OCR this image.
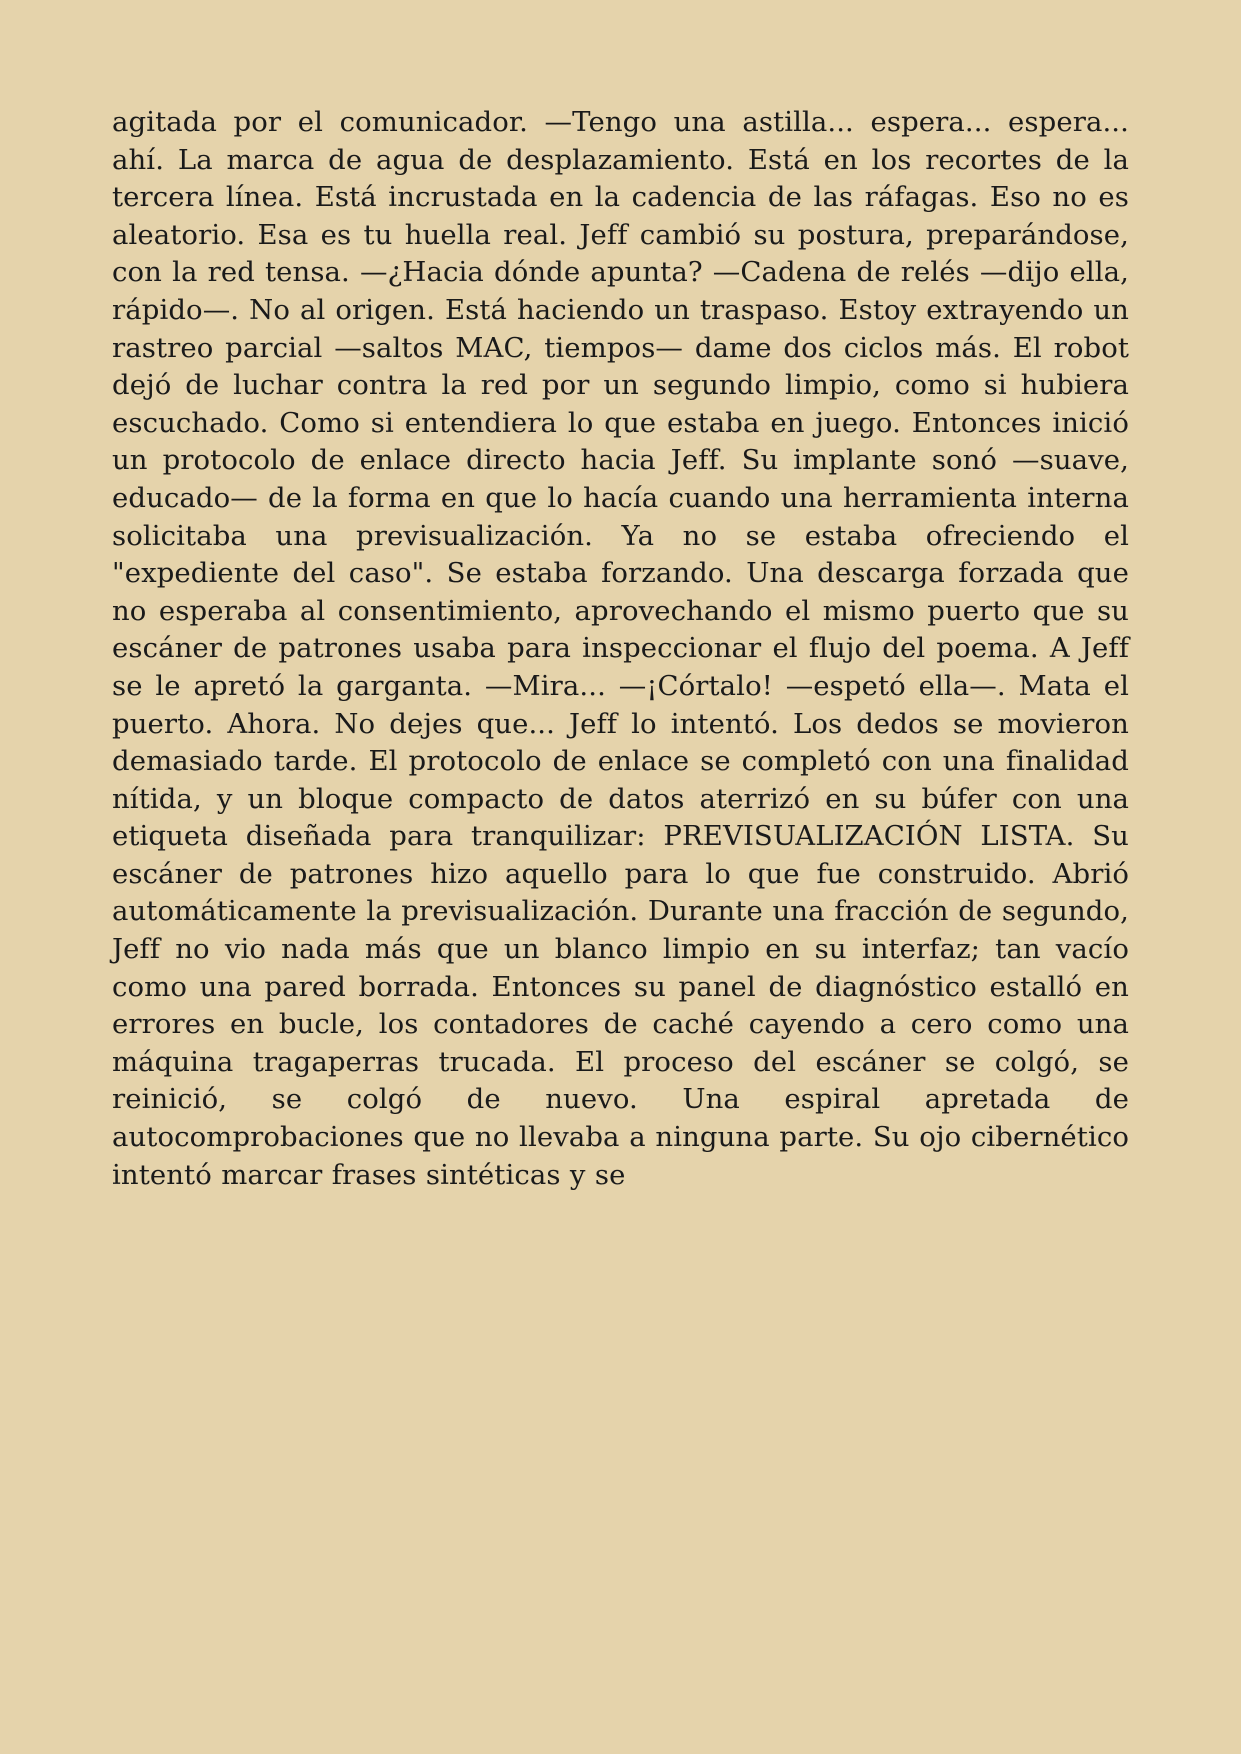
agitada por el comunicador. —Tengo una astilla... espera... espera... ahí. La marca de agua de desplazamiento. Está en los recortes de la tercera línea. Está incrustada en la cadencia de las ráfagas. Eso no es aleatorio. Esa es tu huella real. Jeff cambió su postura, preparándose, con la red tensa. —¿Hacia dónde apunta? —Cadena de relés —dijo ella, rápido—. No al origen. Está haciendo un traspaso. Estoy extrayendo un rastreo parcial —saltos MAC, tiempos— dame dos ciclos más. El robot dejó de luchar contra la red por un segundo limpio, como si hubiera escuchado. Como si entendiera lo que estaba en juego. Entonces inició un protocolo de enlace directo hacia Jeff. Su implante sonó —suave, educado— de la forma en que lo hacía cuando una herramienta interna solicitaba una previsualización. Ya no se estaba ofreciendo el "expediente del caso". Se estaba forzando. Una descarga forzada que no esperaba al consentimiento, aprovechando el mismo puerto que su escáner de patrones usaba para inspeccionar el flujo del poema. A Jeff se le apretó la garganta. —Mira... —¡Córtalo! —espetó ella—. Mata el puerto. Ahora. No dejes que... Jeff lo intentó. Los dedos se movieron demasiado tarde. El protocolo de enlace se completó con una finalidad nítida, y un bloque compacto de datos aterrizó en su búfer con una etiqueta diseñada para tranquilizar: PREVISUALIZACIÓN LISTA. Su escáner de patrones hizo aquello para lo que fue construido. Abrió automáticamente la previsualización. Durante una fracción de segundo, Jeff no vio nada más que un blanco limpio en su interfaz; tan vacío como una pared borrada. Entonces su panel de diagnóstico estalló en errores en bucle, los contadores de caché cayendo a cero como una máquina tragaperras trucada. El proceso del escáner se colgó, se reinició, se colgó de nuevo. Una espiral apretada de autocomprobaciones que no llevaba a ninguna parte. Su ojo cibernético intentó marcar frases sintéticas y se
